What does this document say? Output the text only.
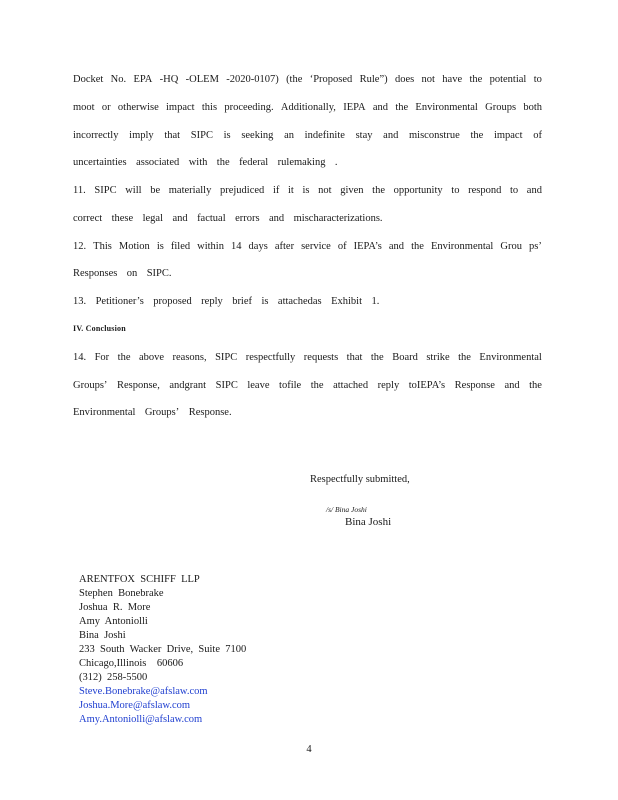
Docket No. EPA -HQ -OLEM -2020-0107) (the ‘Proposed Rule”) does not have the potential to
moot or otherwise impact this proceeding. Additionally, IEPA and the Environmental Groups both
incorrectly imply that SIPC is seeking an indefinite stay and misconstrue the impact of
uncertainties associated with the federal rulemaking .
11. SIPC will be materially prejudiced if it is not given the opportunity to respond to and
correct these legal and factual errors and mischaracterizations.
12. This Motion is filed within 14 days after service of IEPA’s and the Environmental Grou ps’
Responses on SIPC.
13. Petitioner’s proposed reply brief is attachedas Exhibit 1.
IV. Conclusion
14. For the above reasons, SIPC respectfully requests that the Board strike the Environmental
Groups’ Response, andgrant SIPC leave tofile the attached reply toIEPA’s Response and the
Environmental Groups’ Response.
Respectfully submitted,
/s/ Bina Joshi
Bina Joshi
ARENTFOX  SCHIFF  LLP
Stephen  Bonebrake
Joshua  R.  More
Amy  Antoniolli
Bina  Joshi
233  South  Wacker  Drive,  Suite  7100
Chicago,Illinois    60606
(312)  258-5500
Steve.Bonebrake@afslaw.com
Joshua.More@afslaw.com
Amy.Antoniolli@afslaw.com
4
